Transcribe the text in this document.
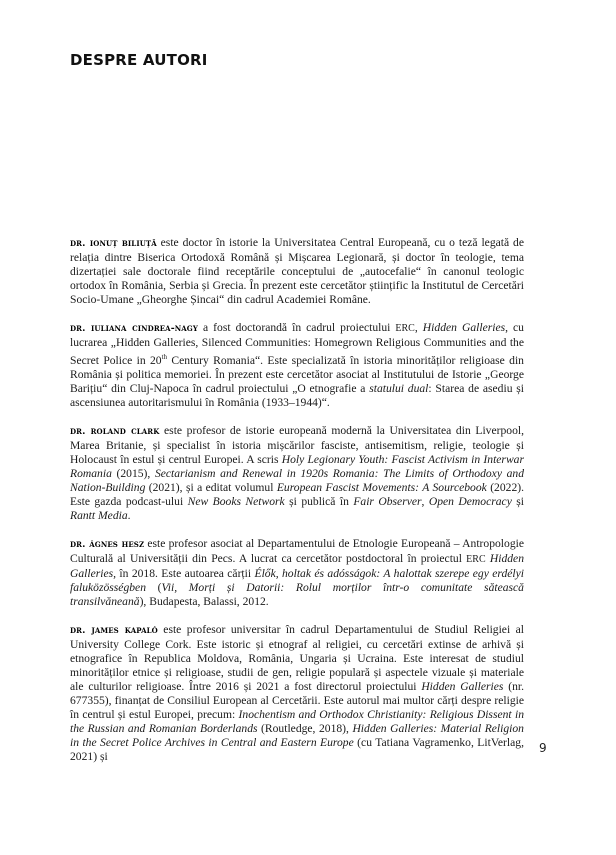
DESPRE AUTORI

dr. ionuț biliuță este doctor în istorie la Universitatea Central Europeană, cu o teză legată de relația dintre Biserica Ortodoxă Română și Mișcarea Legionară, și doctor în teologie, tema dizertației sale doctorale fiind receptările conceptului de „autocefalie“ în canonul teologic ortodox în România, Serbia și Grecia. În prezent este cercetător științific la Institutul de Cercetări Socio-Umane „Gheorghe Șincai“ din cadrul Academiei Române.

dr. iuliana cindrea-nagy a fost doctorandă în cadrul proiectului ERC, Hidden Galleries, cu lucrarea „Hidden Galleries, Silenced Communities: Homegrown Religious Communities and the Secret Police in 20th Century Romania“. Este specializată în istoria minorităților religioase din România și politica memoriei. În prezent este cercetător asociat al Institutului de Istorie „George Barițiu“ din Cluj-Napoca în cadrul proiectului „O etnografie a statului dual: Starea de asediu și ascensiunea autoritarismului în România (1933–1944)“.

dr. roland clark este profesor de istorie europeană modernă la Universitatea din Liverpool, Marea Britanie, și specialist în istoria mișcărilor fasciste, antisemitism, religie, teologie și Holocaust în estul și centrul Europei. A scris Holy Legionary Youth: Fascist Activism in Interwar Romania (2015), Sectarianism and Renewal in 1920s Romania: The Limits of Orthodoxy and Nation-Building (2021), și a editat volumul European Fascist Movements: A Sourcebook (2022). Este gazda podcast-ului New Books Network și publică în Fair Observer, Open Democracy și Rantt Media.

dr. ágnes hesz este profesor asociat al Departamentului de Etnologie Europeană – Antropologie Culturală al Universității din Pecs. A lucrat ca cercetător postdoctoral în proiectul ERC Hidden Galleries, în 2018. Este autoarea cărții Élők, holtak és adósságok: A halottak szerepe egy erdélyi faluközösségben (Vii, Morți și Datorii: Rolul morților într-o comunitate sătească transilvăneană), Budapesta, Balassi, 2012.

dr. james kapaló este profesor universitar în cadrul Departamentului de Studiul Religiei al University College Cork. Este istoric și etnograf al religiei, cu cercetări extinse de arhivă și etnografice în Republica Moldova, România, Ungaria și Ucraina. Este interesat de studiul minorităților etnice și religioase, studii de gen, religie populară și aspectele vizuale și materiale ale culturilor religioase. Între 2016 și 2021 a fost directorul proiectului Hidden Galleries (nr. 677355), finanțat de Consiliul European al Cercetării. Este autorul mai multor cărți despre religie în centrul și estul Europei, precum: Inochentism and Orthodox Christianity: Religious Dissent in the Russian and Romanian Borderlands (Routledge, 2018), Hidden Galleries: Material Religion in the Secret Police Archives in Central and Eastern Europe (cu Tatiana Vagramenko, LitVerlag, 2021) și

9
